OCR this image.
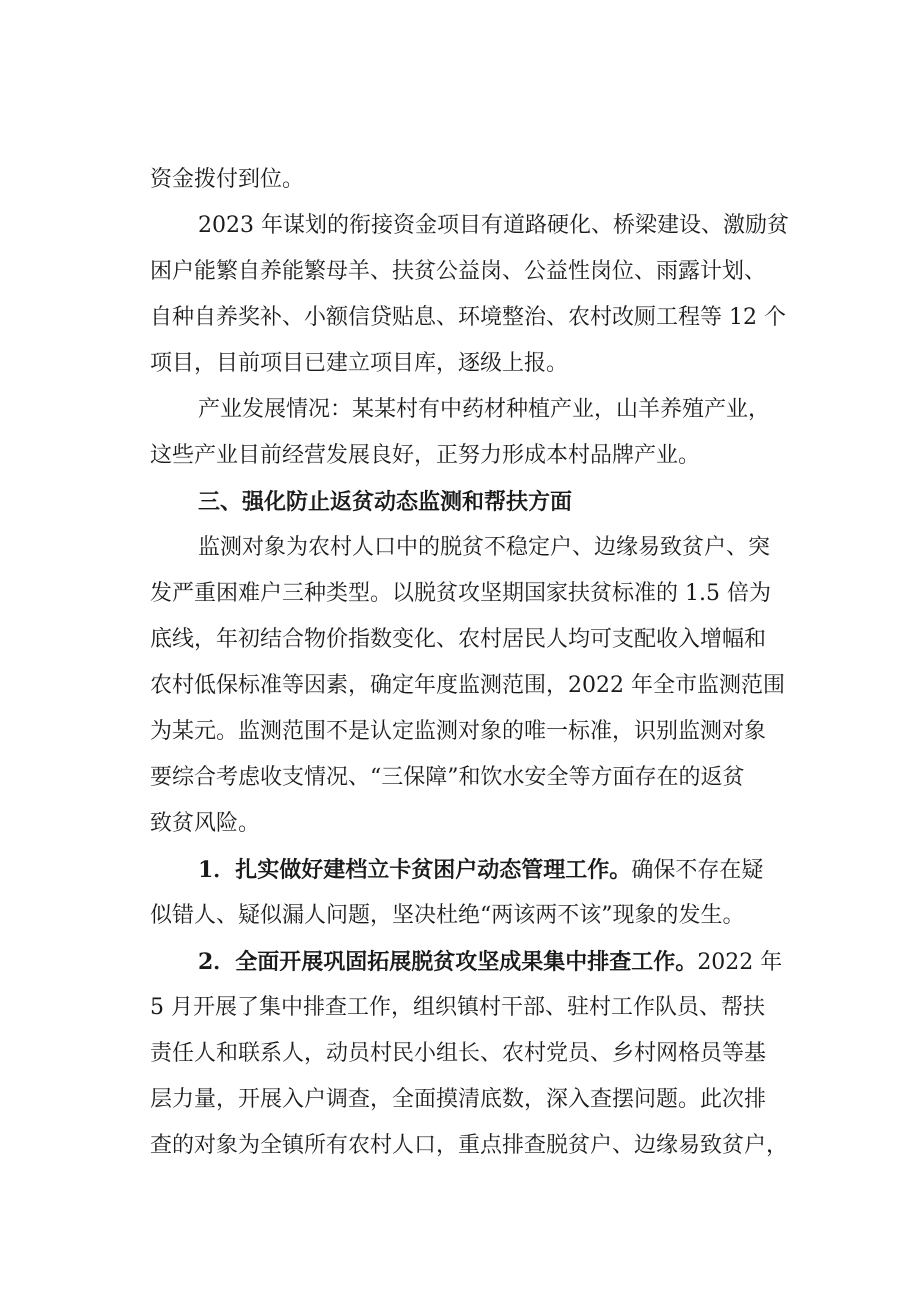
资金拨付到位。
2023 年谋划的衔接资金项目有道路硬化、桥梁建设、激励贫
困户能繁自养能繁母羊、扶贫公益岗、公益性岗位、雨露计划、
自种自养奖补、小额信贷贴息、环境整治、农村改厕工程等 12 个
项目，目前项目已建立项目库，逐级上报。
产业发展情况：某某村有中药材种植产业，山羊养殖产业，
这些产业目前经营发展良好，正努力形成本村品牌产业。
三、强化防止返贫动态监测和帮扶方面
监测对象为农村人口中的脱贫不稳定户、边缘易致贫户、突
发严重困难户三种类型。以脱贫攻坚期国家扶贫标准的 1.5 倍为
底线，年初结合物价指数变化、农村居民人均可支配收入增幅和
农村低保标准等因素，确定年度监测范围，2022 年全市监测范围
为某元。监测范围不是认定监测对象的唯一标准，识别监测对象
要综合考虑收支情况、“三保障”和饮水安全等方面存在的返贫
致贫风险。
1．扎实做好建档立卡贫困户动态管理工作。确保不存在疑
似错人、疑似漏人问题，坚决杜绝“两该两不该”现象的发生。
2．全面开展巩固拓展脱贫攻坚成果集中排查工作。2022 年
5 月开展了集中排查工作，组织镇村干部、驻村工作队员、帮扶
责任人和联系人，动员村民小组长、农村党员、乡村网格员等基
层力量，开展入户调查，全面摸清底数，深入查摆问题。此次排
查的对象为全镇所有农村人口，重点排查脱贫户、边缘易致贫户，
